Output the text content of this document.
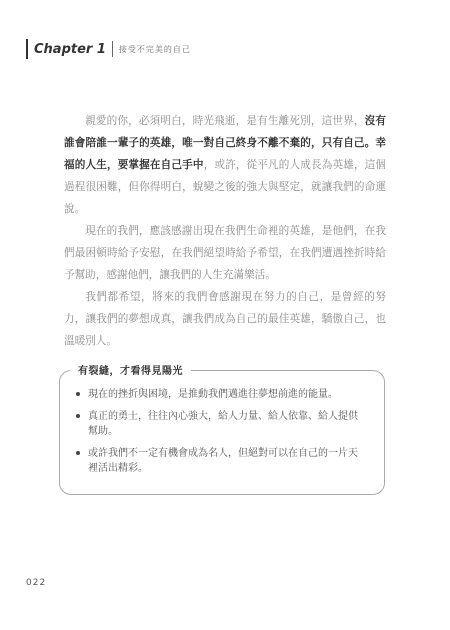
Chapter 1 接受不完美的自己

親愛的你，必須明白，時光飛逝，是有生離死別，這世界，沒有誰會陪誰一輩子的英雄，唯一對自己終身不離不棄的，只有自己。幸福的人生，要掌握在自己手中，或許，從平凡的人成長為英雄，這個過程很困難，但你得明白，蛻變之後的強大與堅定，就讓我們的命運說。

現在的我們，應該感謝出現在我們生命裡的英雄，是他們，在我們最困頓時給予安慰，在我們絕望時給予希望，在我們遭遇挫折時給予幫助，感謝他們，讓我們的人生充滿樂活。

我們都希望，將來的我們會感謝現在努力的自己，是曾經的努力，讓我們的夢想成真，讓我們成為自己的最佳英雄，驕傲自己，也溫暖別人。

有裂縫，才看得見陽光
現在的挫折與困境，是推動我們邁進往夢想前進的能量。
真正的勇士，往往內心強大，給人力量、給人依靠、給人提供幫助。
或許我們不一定有機會成為名人，但絕對可以在自己的一片天裡活出精彩。
022
